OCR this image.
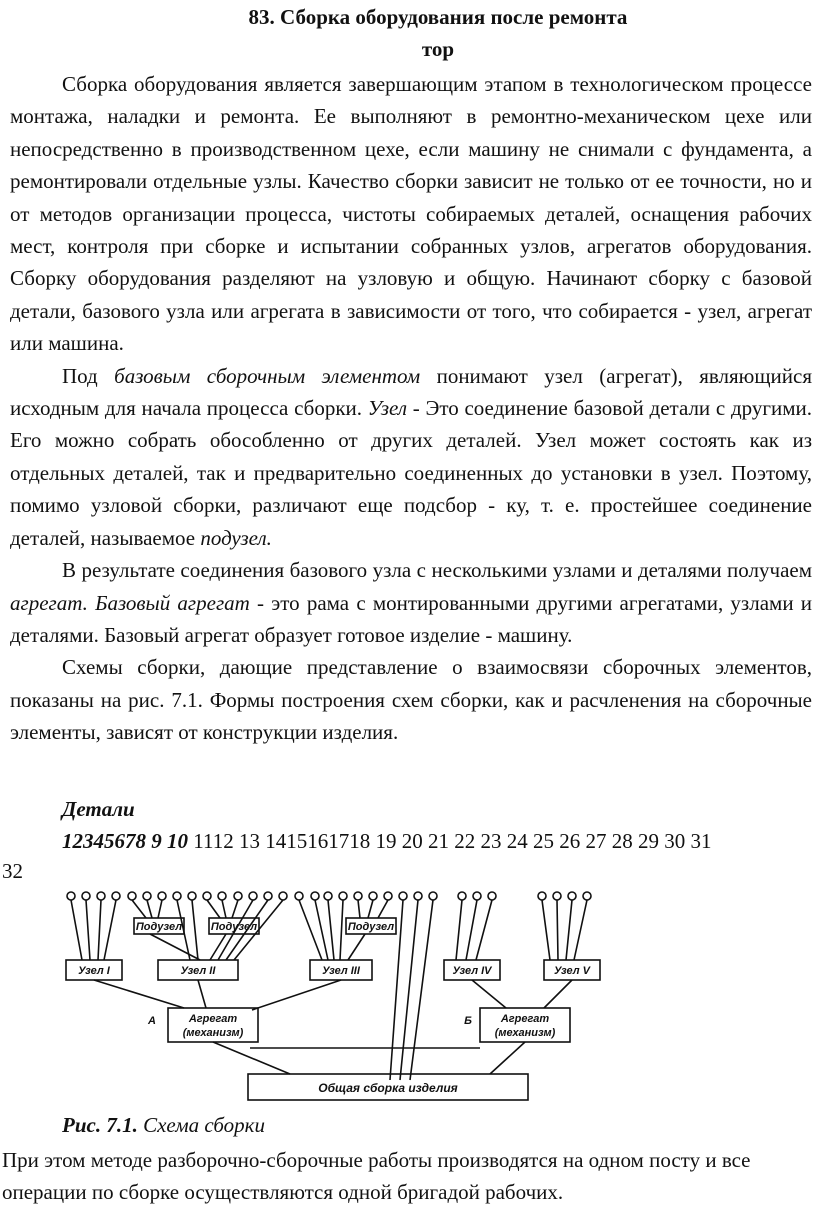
83. Сборка оборудования после ремонта
тор

Сборка оборудования является завершающим этапом в технологическом процессе монтажа, наладки и ремонта. Ее выполняют в ремонтно-механическом цехе или непосредственно в производственном цехе, если машину не снимали с фундамента, а ремонтировали отдельные узлы. Качество сборки зависит не только от ее точности, но и от методов организации процесса, чистоты собираемых деталей, оснащения рабочих мест, контроля при сборке и испытании собранных узлов, агрегатов оборудования. Сборку оборудования разделяют на узловую и общую. Начинают сборку с базовой детали, базового узла или агрегата в зависимости от того, что собирается - узел, агрегат или машина.

Под базовым сборочным элементом понимают узел (агрегат), являющийся исходным для начала процесса сборки. Узел - Это соединение базовой детали с другими. Его можно собрать обособленно от других деталей. Узел может состоять как из отдельных деталей, так и предварительно соединенных до установки в узел. Поэтому, помимо узловой сборки, различают еще подсбор - ку, т. е. простейшее соединение деталей, называемое подузел.

В результате соединения базового узла с несколькими узлами и деталями получаем агрегат. Базовый агрегат - это рама с монтированными другими агрегатами, узлами и деталями. Базовый агрегат образует готовое изделие - машину.

Схемы сборки, дающие представление о взаимосвязи сборочных элементов, показаны на рис. 7.1. Формы построения схем сборки, как и расчленения на сборочные элементы, зависят от конструкции изделия.

Детали
12345678 9 10 1112 13 1415161718 19 20 21 22 23 24 25 26 27 28 29 30 31
32
Подузел	Подузел	Подузел
Узел I	Узел II	Узел III	Узел IV	Узел V
Агрегат
(механизм)
Агрегат
(механизм)
А	Б
Общая сборка изделия
Рис. 7.1. Схема сборки
При этом методе разборочно-сборочные работы производятся на одном посту и все операции по сборке осуществляются одной бригадой рабочих.
